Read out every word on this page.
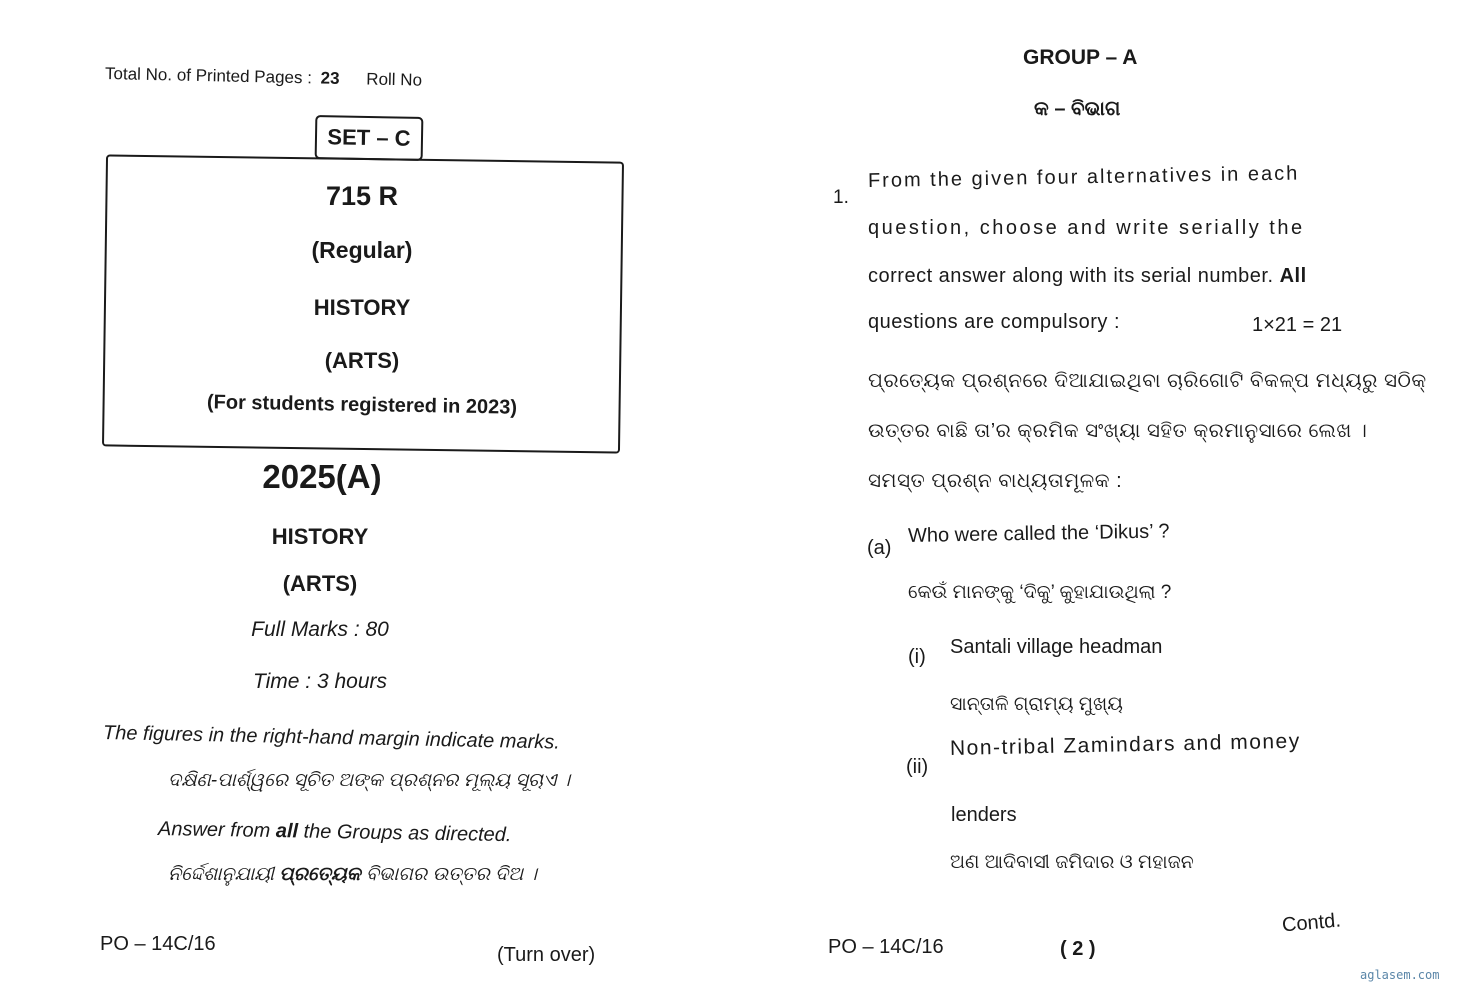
Total No. of Printed Pages : 23 Roll No
SET – C
715 R
(Regular)
HISTORY
(ARTS)
(For students registered in 2023)
2025(A)
HISTORY
(ARTS)
Full Marks : 80
Time : 3 hours
The figures in the right-hand margin indicate marks.
ଦକ୍ଷିଣ-ପାର୍ଶ୍ୱରେ ସୂଚିତ ଅଙ୍କ ପ୍ରଶ୍ନର ମୂଲ୍ୟ ସୂଚାଏ ।
Answer from all the Groups as directed.
ନିର୍ଦ୍ଦେଶାନୁଯାୟୀ ପ୍ରତ୍ୟେକ ବିଭାଗର ଉତ୍ତର ଦିଅ ।
PO – 14C/16	(Turn over)
GROUP – A
କ – ବିଭାଗ
1.
From the given four alternatives in each
question, choose and write serially the
correct answer along with its serial number. All
questions are compulsory :	1×21 = 21
ପ୍ରତ୍ୟେକ ପ୍ରଶ୍ନରେ ଦିଆଯାଇଥିବା ଚାରିଗୋଟି ବିକଳ୍ପ ମଧ୍ୟରୁ ସଠିକ୍
ଉତ୍ତର ବାଛି ତା’ର କ୍ରମିକ ସଂଖ୍ୟା ସହିତ କ୍ରମାନୁସାରେ ଲେଖ ।
ସମସ୍ତ ପ୍ରଶ୍ନ ବାଧ୍ୟତାମୂଳକ :
(a)
Who were called the ‘Dikus’ ?
କେଉଁ ମାନଙ୍କୁ ‘ଦିକୁ’ କୁହାଯାଉଥିଲା ?
(i) Santali village headman
ସାନ୍ତାଳି ଗ୍ରାମ୍ୟ ମୁଖ୍ୟ
(ii)
Non-tribal Zamindars and money
lenders
ଅଣ ଆଦିବାସୀ ଜମିଦାର ଓ ମହାଜନ
PO – 14C/16	( 2 )
Contd.
aglasem.com
